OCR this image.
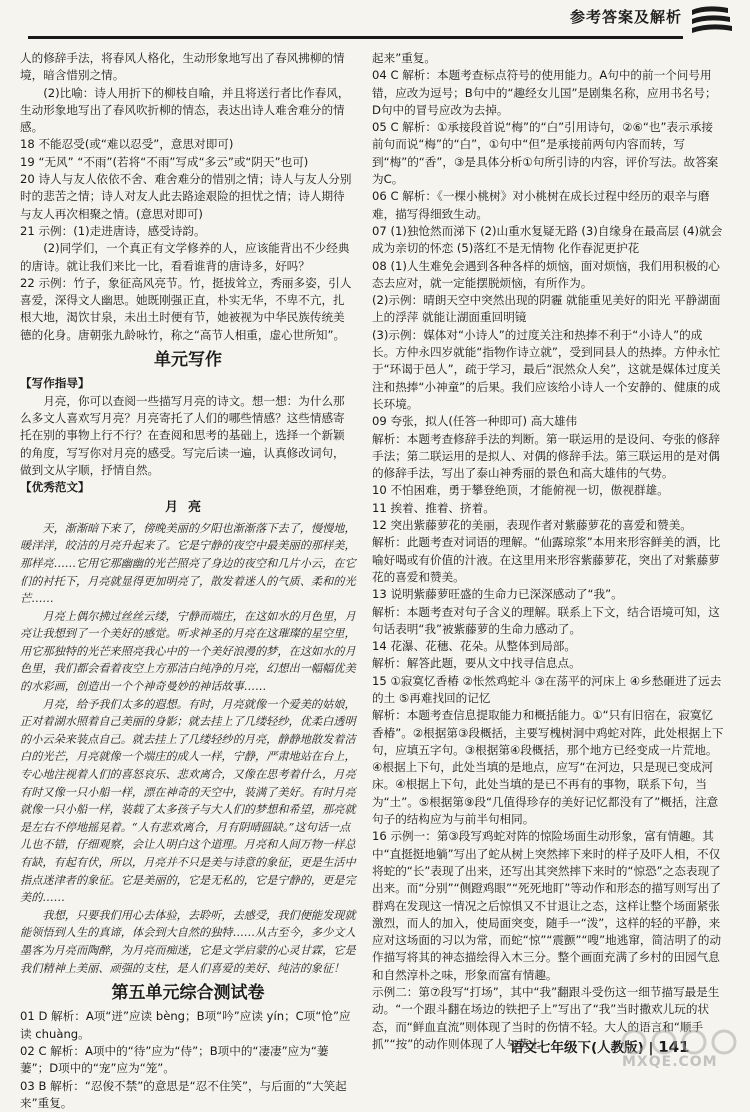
参考答案及解析

人的修辞手法，将春风人格化，生动形象地写出了春风拂柳的情境，暗含惜别之情。

(2)比喻：诗人用折下的柳枝自喻，并且将送行者比作春风，生动形象地写出了春风吹折柳的情态，表达出诗人难舍难分的情感。

18 不能忍受(或“难以忍受”，意思对即可)

19 “无风” “不雨”(若将“不雨”写成“多云”或“阴天”也可)

20 诗人与友人依依不舍、难舍难分的惜别之情；诗人与友人分别时的悲苦之情；诗人对友人此去路途艰险的担忧之情；诗人期待与友人再次相聚之情。(意思对即可)

21 示例：(1)走进唐诗，感受诗韵。

(2)同学们，一个真正有文学修养的人，应该能背出不少经典的唐诗。就让我们来比一比，看看谁背的唐诗多，好吗？

22 示例：竹子，象征高风亮节。竹，挺拔耸立，秀丽多姿，引人喜爱，深得文人幽思。她既刚强正直，朴实无华，不卑不亢，扎根大地，渴饮甘泉，未出土时便有节，她被视为中华民族传统美德的化身。唐朝张九龄咏竹，称之“高节人相重，虚心世所知”。

单元写作

【写作指导】

月亮，你可以查阅一些描写月亮的诗文。想一想：为什么那么多文人喜欢写月亮？月亮寄托了人们的哪些情感？这些情感寄托在别的事物上行不行？在查阅和思考的基础上，选择一个新颖的角度，写写你对月亮的感受。写完后读一遍，认真修改词句，做到文从字顺，抒情自然。

【优秀范文】

月亮

天，渐渐暗下来了，傍晚美丽的夕阳也渐渐落下去了，慢慢地，暖洋洋，皎洁的月亮升起来了。它是宁静的夜空中最美丽的那样美，那样亮……它用它那幽幽的光芒照亮了身边的夜空和几片小云，在它们的衬托下，月亮就显得更加明亮了，散发着迷人的气质、柔和的光芒……

月亮上偶尔拂过丝丝云缕，宁静而端庄，在这如水的月色里，月亮让我想到了一个美好的感觉。听求神圣的月亮在这璀璨的星空里，用它那独特的光芒来照亮我心中的一个美好浪漫的梦，在这如水的月色里，我们都会看着夜空上方那洁白纯净的月亮，幻想出一幅幅优美的水彩画，创造出一个个神奇曼妙的神话故事……

月亮，给予我们太多的遐想。有时，月亮就像一个爱美的姑娘，正对着湖水照着自己美丽的身影；就去挂上了几缕轻纱，优柔白透明的小云朵来装点自己。就去挂上了几缕轻纱的月亮，静静地散发着洁白的光芒，月亮就像一个端庄的成人一样，宁静，严肃地站在台上，专心地注视着人们的喜怒哀乐、悲欢离合，又像在思考着什么，月亮有时又像一只小船一样，漂在神奇的天空中，装满了美好。有时月亮就像一只小船一样，装载了太多孩子与大人们的梦想和希望，那亮就是左右不停地摇晃着。“人有悲欢离合，月有阴晴圆缺。”这句话一点儿也不错，仔细观察，会让人明白这个道理。月亮和人间万物一样总有缺，有起有伏，所以，月亮并不只是美与诗意的象征，更是生活中指点迷津者的象征。它是美丽的，它是无私的，它是宁静的，更是完美的……

我想，只要我们用心去体验，去聆听，去感受，我们便能发现就能领悟到人生的真谛，体会到大自然的独特……从古至今，多少文人墨客为月亮而陶醉，为月亮而痴迷，它是文学启蒙的心灵甘霖，它是我们精神上美丽、顽强的支柱，是人们喜爱的美好、纯洁的象征！

第五单元综合测试卷

01 D 解析：A项“迸”应读 bèng；B项“吟”应读 yín；C项“怆”应读 chuàng。

02 C 解析：A项中的“待”应为“侍”；B项中的“凄凄”应为“萋萋”；D项中的“宠”应为“笼”。

03 B 解析：“忍俊不禁”的意思是“忍不住笑”，与后面的“大笑起来”重复。

起来”重复。

04 C 解析：本题考查标点符号的使用能力。A句中的前一个问号用错，应改为逗号；B句中的“趣经女儿国”是剧集名称，应用书名号；D句中的冒号应改为去掉。

05 C 解析：①承接段首说“梅”的“白”引用诗句，②⑥“也”表示承接前句而说“梅”的“白”，①句中“但”是承接前两句内容而转，写到“梅”的“香”，③是具体分析①句所引诗的内容，评价写法。故答案为C。

06 C 解析：《一棵小桃树》对小桃树在成长过程中经历的艰辛与磨难，描写得细致生动。

07 (1)独怆然而涕下 (2)山重水复疑无路 (3)自缘身在最高层 (4)就会成为亲切的怀恋 (5)落红不是无情物 化作春泥更护花

08 (1)人生难免会遇到各种各样的烦恼，面对烦恼，我们用积极的心态去应对，就一定能摆脱烦恼，有所作为。

(2)示例：晴朗天空中突然出现的阴霾 就能重见美好的阳光 平静湖面上的浮萍 就能让湖面重回明镜

(3)示例：媒体对“小诗人”的过度关注和热捧不利于“小诗人”的成长。方仲永四岁就能“指物作诗立就”，受到同县人的热捧。方仲永忙于“环谒于邑人”，疏于学习，最后“泯然众人矣”，这就是媒体过度关注和热捧“小神童”的后果。我们应该给小诗人一个安静的、健康的成长环境。

09 夸张，拟人(任答一种即可) 高大雄伟

解析：本题考查修辞手法的判断。第一联运用的是设问、夸张的修辞手法；第二联运用的是拟人、对偶的修辞手法。第三联运用的是对偶的修辞手法，写出了泰山神秀丽的景色和高大雄伟的气势。

10 不怕困难，勇于攀登绝顶，才能俯视一切，傲视群雄。

11 挨着、推着、挤着。

12 突出紫藤萝花的美丽，表现作者对紫藤萝花的喜爱和赞美。

解析：此题考查对词语的理解。“仙露琼浆”本用来形容鲜美的酒，比喻好喝或有价值的汁液。在这里用来形容紫藤萝花，突出了对紫藤萝花的喜爱和赞美。

13 说明紫藤萝旺盛的生命力已深深感动了“我”。

解析：本题考查对句子含义的理解。联系上下文，结合语境可知，这句话表明“我”被紫藤萝的生命力感动了。

14 花瀑、花穗、花朵。从整体到局部。

解析：解答此题，要从文中找寻信息点。

15 ①寂寞忆香椿 ②怅然鸡蛇斗 ③在荡平的河床上 ④乡愁砸进了远去的土 ⑤再难找回的记忆

解析：本题考查信息提取能力和概括能力。①“只有旧宿在，寂寞忆香椿”。②根据第③段概括，主要写槐树洞中鸡蛇对阵，此处根据上下句，应填五字句。③根据第④段概括，那个地方已经变成一片荒地。④根据上下句，此处当填的是地点，应写“在河边，只是现已变成河床。④根据上下句，此处当填的是已不再有的事物，联系下句，当为“土”。⑤根据第⑨段“几值得珍存的美好记忆都没有了”概括，注意句子的结构应为与前半句相同。

16 示例一：第③段写鸡蛇对阵的惊险场面生动形象，富有情趣。其中“直挺挺地躺”写出了蛇从树上突然摔下来时的样子及吓人相，不仅将蛇的“长”表现了出来，还写出其突然摔下来时的“惊恐”之态表现了出来。而“分别”“侧蹬鸡眼”“死死地盯”等动作和形态的描写则写出了群鸡在发现这一情况之后惊惧又不甘退让之态，这样让整个场面紧张激烈，而人的加入，使局面突变，随手一“泼”，这样的轻的平静，来应对这场面的习以为常，而蛇“惊”“震颤”“嗖”地逃窜，简洁明了的动作描写将其的神态描绘得入木三分。整个画面充满了乡村的田园气息和自然淳朴之味，形象而富有情趣。

示例二：第⑦段写“打场”，其中“我”翻跟斗受伤这一细节描写最是生动。“一个跟斗翻在场边的铁把子上”写出了“我”当时撒欢儿玩的状态，而“鲜血直流”则体现了当时的伤情不轻。大人的语言和“顺手抓”“按”的动作则体现了人与黄土

语文七年级下(人教版) | 141
MXQE.COM
